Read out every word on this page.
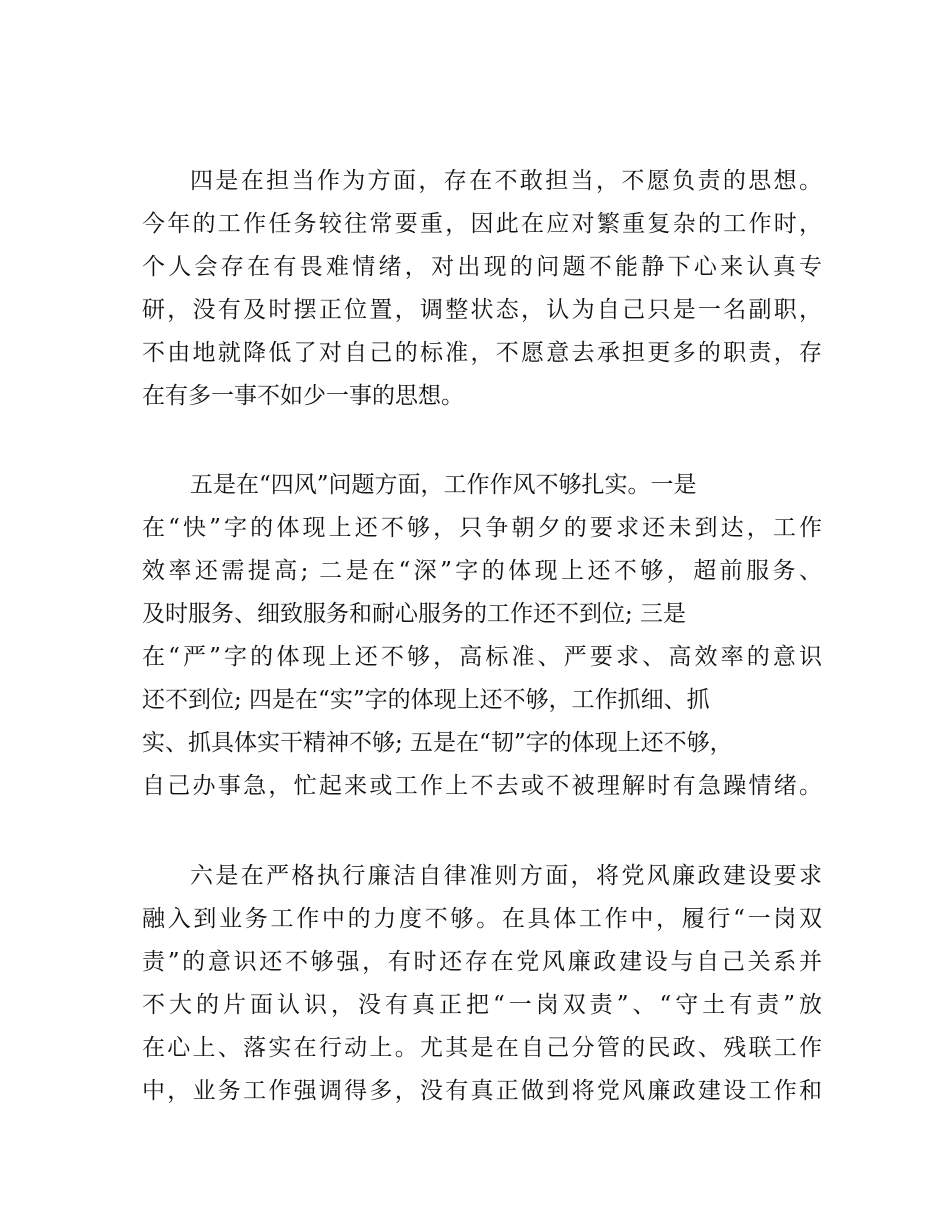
四是在担当作为方面，存在不敢担当，不愿负责的思想。
今年的工作任务较往常要重，因此在应对繁重复杂的工作时，
个人会存在有畏难情绪，对出现的问题不能静下心来认真专
研，没有及时摆正位置，调整状态，认为自己只是一名副职，
不由地就降低了对自己的标准，不愿意去承担更多的职责，存
在有多一事不如少一事的思想。
五是在“四风”问题方面，工作作风不够扎实。一是
在“快”字的体现上还不够，只争朝夕的要求还未到达，工作
效率还需提高; 二是在“深”字的体现上还不够，超前服务、
及时服务、细致服务和耐心服务的工作还不到位; 三是
在“严”字的体现上还不够，高标准、严要求、高效率的意识
还不到位; 四是在“实”字的体现上还不够，工作抓细、抓
实、抓具体实干精神不够; 五是在“韧”字的体现上还不够，
自己办事急，忙起来或工作上不去或不被理解时有急躁情绪。
六是在严格执行廉洁自律准则方面，将党风廉政建设要求
融入到业务工作中的力度不够。在具体工作中，履行“一岗双
责”的意识还不够强，有时还存在党风廉政建设与自己关系并
不大的片面认识，没有真正把“一岗双责”、“守土有责”放
在心上、落实在行动上。尤其是在自己分管的民政、残联工作
中，业务工作强调得多，没有真正做到将党风廉政建设工作和
